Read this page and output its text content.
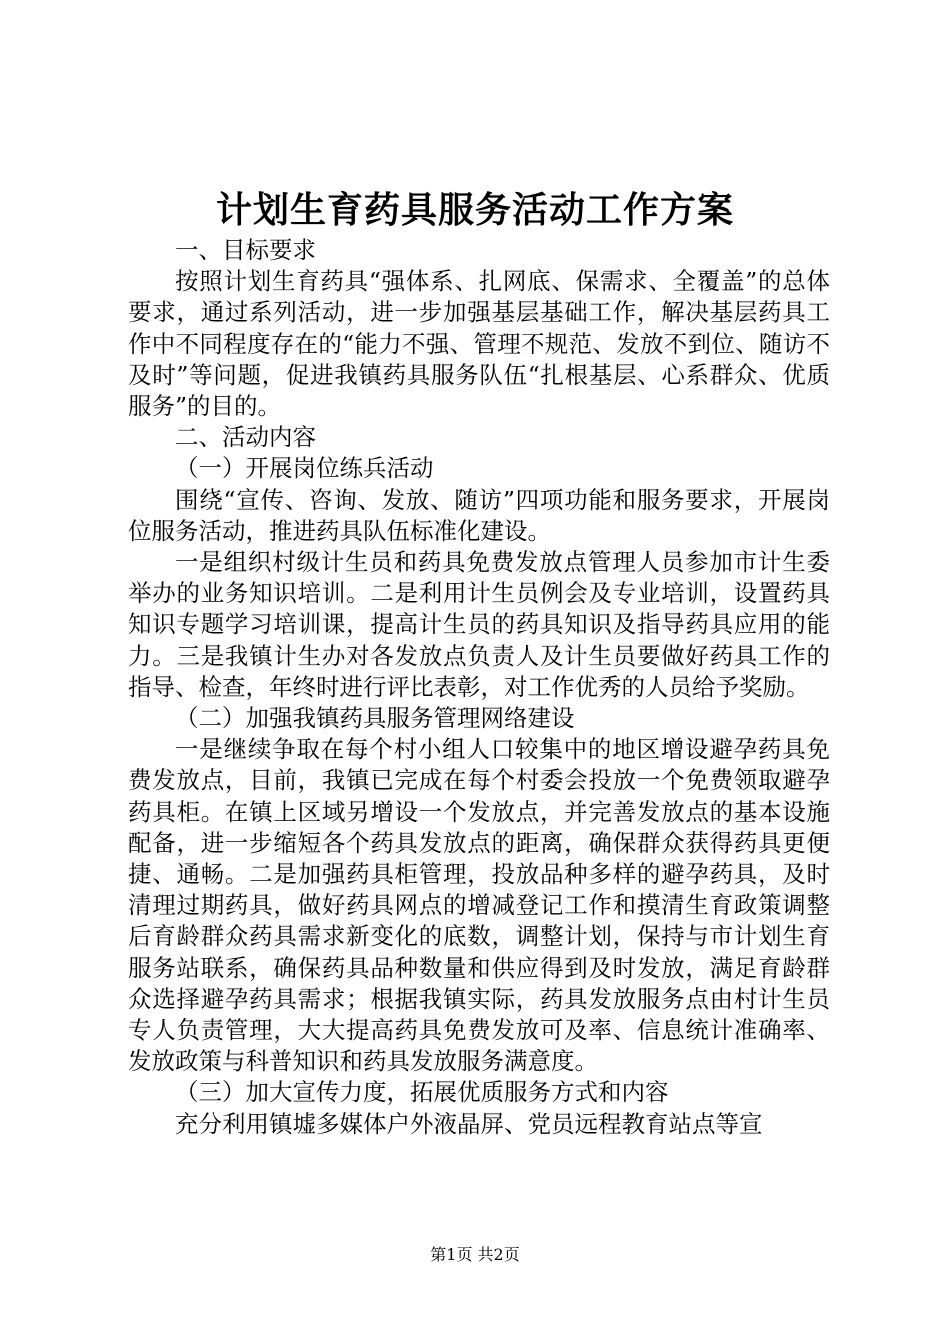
计划生育药具服务活动工作方案

一、目标要求

按照计划生育药具“强体系、扎网底、保需求、全覆盖”的总体要求，通过系列活动，进一步加强基层基础工作，解决基层药具工作中不同程度存在的“能力不强、管理不规范、发放不到位、随访不及时”等问题，促进我镇药具服务队伍“扎根基层、心系群众、优质服务”的目的。

二、活动内容

（一）开展岗位练兵活动

围绕“宣传、咨询、发放、随访”四项功能和服务要求，开展岗位服务活动，推进药具队伍标准化建设。

一是组织村级计生员和药具免费发放点管理人员参加市计生委举办的业务知识培训。二是利用计生员例会及专业培训，设置药具知识专题学习培训课，提高计生员的药具知识及指导药具应用的能力。三是我镇计生办对各发放点负责人及计生员要做好药具工作的指导、检查，年终时进行评比表彰，对工作优秀的人员给予奖励。

（二）加强我镇药具服务管理网络建设

一是继续争取在每个村小组人口较集中的地区增设避孕药具免费发放点，目前，我镇已完成在每个村委会投放一个免费领取避孕药具柜。在镇上区域另增设一个发放点，并完善发放点的基本设施配备，进一步缩短各个药具发放点的距离，确保群众获得药具更便捷、通畅。二是加强药具柜管理，投放品种多样的避孕药具，及时清理过期药具，做好药具网点的增减登记工作和摸清生育政策调整后育龄群众药具需求新变化的底数，调整计划，保持与市计划生育服务站联系，确保药具品种数量和供应得到及时发放，满足育龄群众选择避孕药具需求；根据我镇实际，药具发放服务点由村计生员专人负责管理，大大提高药具免费发放可及率、信息统计准确率、发放政策与科普知识和药具发放服务满意度。

（三）加大宣传力度，拓展优质服务方式和内容

充分利用镇墟多媒体户外液晶屏、党员远程教育站点等宣

第1页 共2页
